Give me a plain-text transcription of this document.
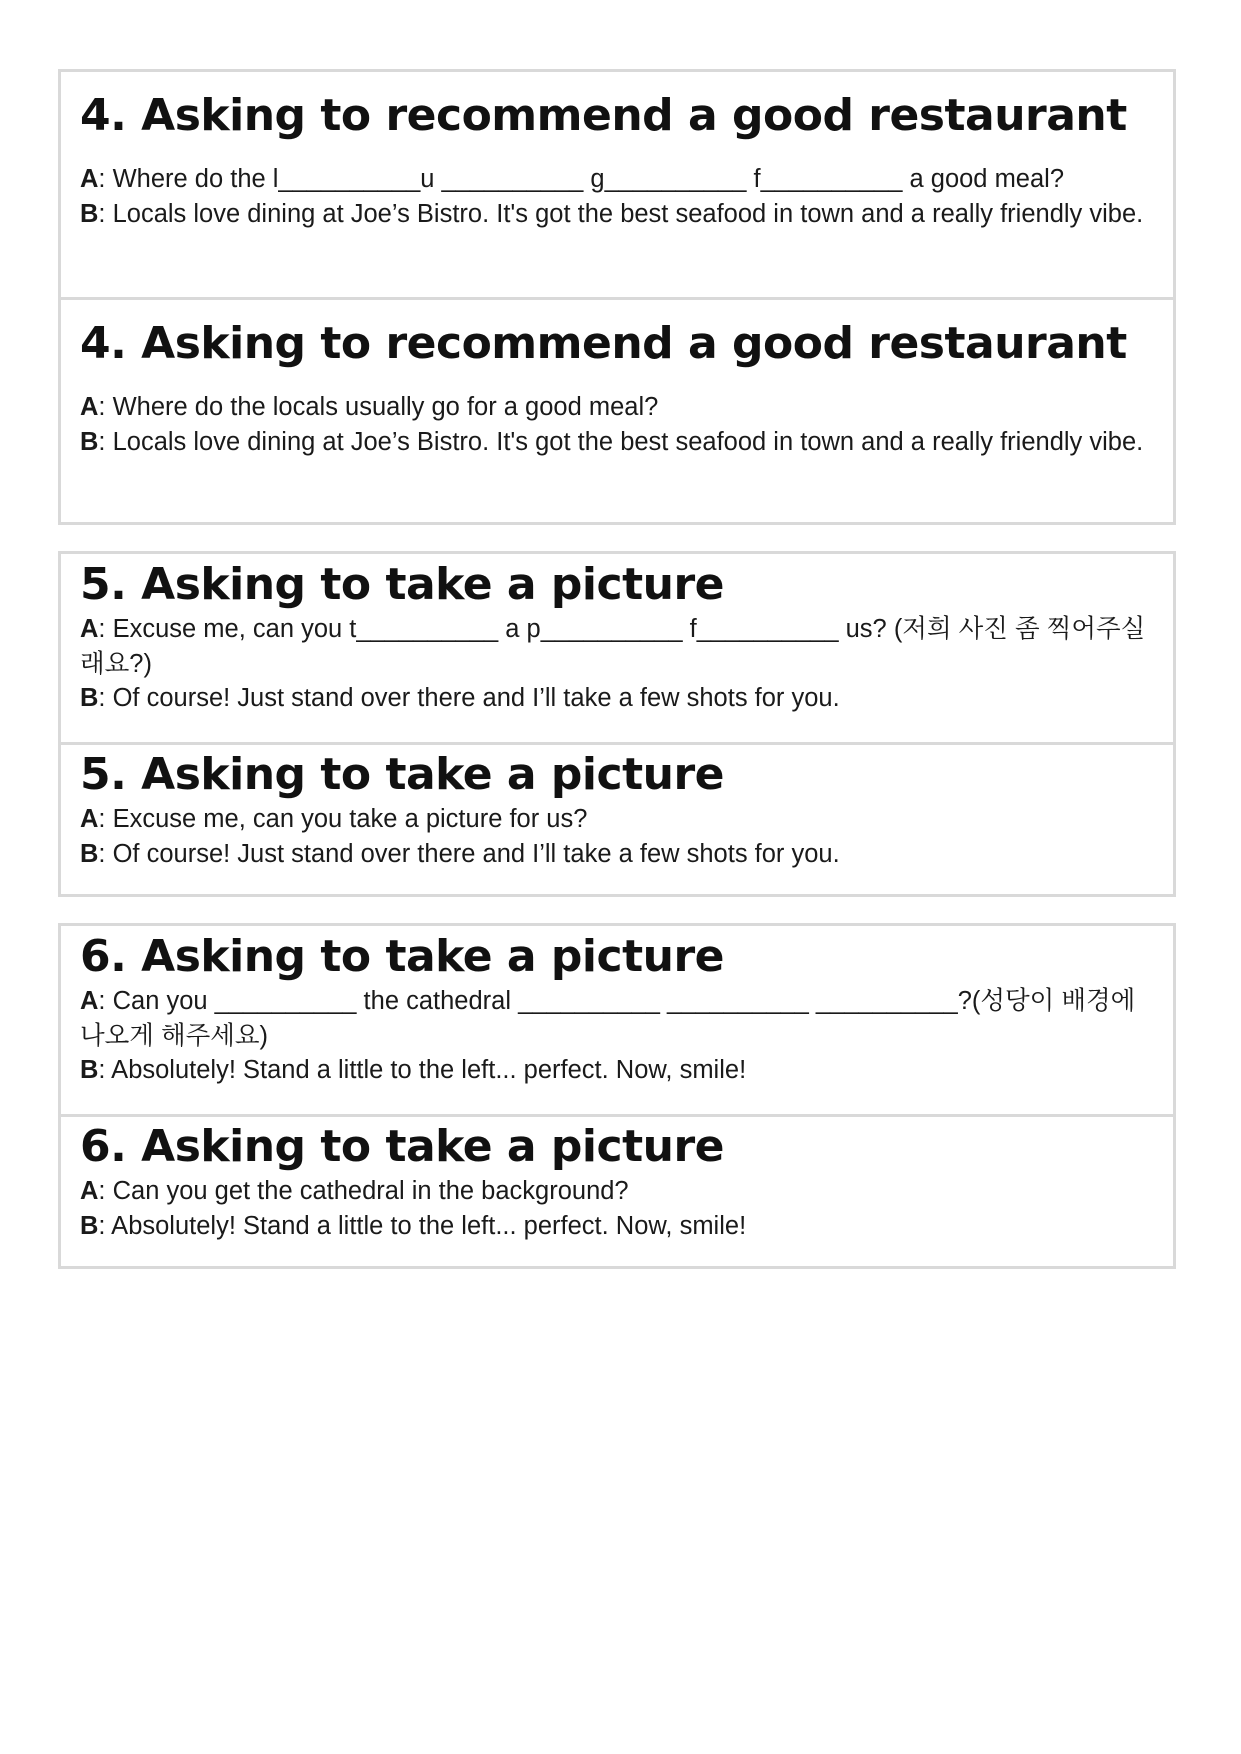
4. Asking to recommend a good restaurant

A: Where do the l__________u __________ g__________ f__________ a good meal?
B: Locals love dining at Joe’s Bistro. It's got the best seafood in town and a really friendly vibe.

4. Asking to recommend a good restaurant

A: Where do the locals usually go for a good meal?
B: Locals love dining at Joe’s Bistro. It's got the best seafood in town and a really friendly vibe.

5. Asking to take a picture

A: Excuse me, can you t__________ a p__________ f__________ us? (저희 사진 좀 찍어주실래요?)
B: Of course! Just stand over there and I’ll take a few shots for you.

5. Asking to take a picture

A: Excuse me, can you take a picture for us?
B: Of course! Just stand over there and I’ll take a few shots for you.

6. Asking to take a picture

A: Can you __________ the cathedral __________ __________ __________?(성당이 배경에 나오게 해주세요)
B: Absolutely! Stand a little to the left... perfect. Now, smile!

6. Asking to take a picture

A: Can you get the cathedral in the background?
B: Absolutely! Stand a little to the left... perfect. Now, smile!
